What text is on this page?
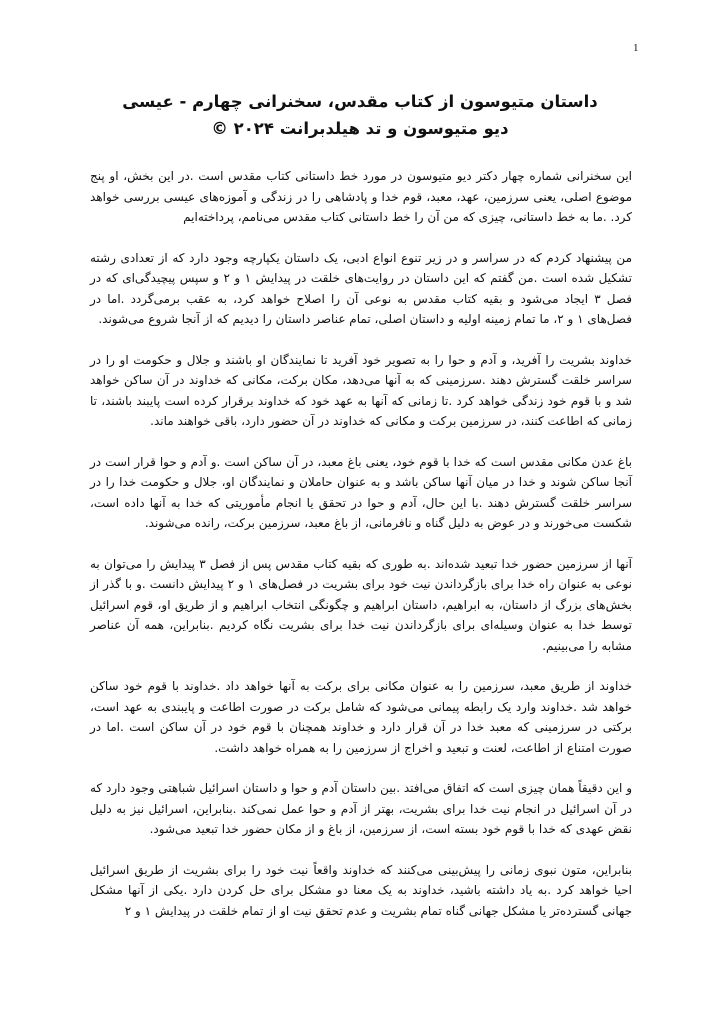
1

داستان متیوسون از کتاب مقدس، سخنرانی چهارم - عیسی

دیو متیوسون و تد هیلدبرانت ۲۰۲۴ ©

این سخنرانی شماره چهار دکتر دیو متیوسون در مورد خط داستانی کتاب مقدس است .در این بخش، او پنج موضوع اصلی، یعنی سرزمین، عهد، معبد، قوم خدا و پادشاهی را در زندگی و آموزه‌های عیسی بررسی خواهد کرد. .ما به خط داستانی، چیزی که من آن را خط داستانی کتاب مقدس می‌نامم، پرداخته‌ایم

من پیشنهاد کردم که در سراسر و در زیر تنوع انواع ادبی، یک داستان یکپارچه وجود دارد که از تعدادی رشته تشکیل شده است .من گفتم که این داستان در روایت‌های خلقت در پیدایش ۱ و ۲ و سپس پیچیدگی‌ای که در فصل ۳ ایجاد می‌شود و بقیه کتاب مقدس به نوعی آن را اصلاح خواهد کرد، به عقب برمی‌گردد .اما در فصل‌های ۱ و ۲، ما تمام زمینه اولیه و داستان اصلی، تمام عناصر داستان را دیدیم که از آنجا شروع می‌شوند.

خداوند بشریت را آفرید، و آدم و حوا را به تصویر خود آفرید تا نمایندگان او باشند و جلال و حکومت او را در سراسر خلقت گسترش دهند .سرزمینی که به آنها می‌دهد، مکان برکت، مکانی که خداوند در آن ساکن خواهد شد و با قوم خود زندگی خواهد کرد .تا زمانی که آنها به عهد خود که خداوند برقرار کرده است پایبند باشند، تا زمانی که اطاعت کنند، در سرزمین برکت و مکانی که خداوند در آن حضور دارد، باقی خواهند ماند.

باغ عدن مکانی مقدس است که خدا با قوم خود، یعنی باغ معبد، در آن ساکن است .و آدم و حوا قرار است در آنجا ساکن شوند و خدا در میان آنها ساکن باشد و به عنوان حاملان و نمایندگان او، جلال و حکومت خدا را در سراسر خلقت گسترش دهند .با این حال، آدم و حوا در تحقق یا انجام مأموریتی که خدا به آنها داده است، شکست می‌خورند و در عوض به دلیل گناه و نافرمانی، از باغ معبد، سرزمین برکت، رانده می‌شوند.

آنها از سرزمین حضور خدا تبعید شده‌اند .به طوری که بقیه کتاب مقدس پس از فصل ۳ پیدایش را می‌توان به نوعی به عنوان راه خدا برای بازگرداندن نیت خود برای بشریت در فصل‌های ۱ و ۲ پیدایش دانست .و با گذر از بخش‌های بزرگ از داستان، به ابراهیم، داستان ابراهیم و چگونگی انتخاب ابراهیم و از طریق او، قوم اسرائیل توسط خدا به عنوان وسیله‌ای برای بازگرداندن نیت خدا برای بشریت نگاه کردیم .بنابراین، همه آن عناصر مشابه را می‌بینیم.

خداوند از طریق معبد، سرزمین را به عنوان مکانی برای برکت به آنها خواهد داد .خداوند با قوم خود ساکن خواهد شد .خداوند وارد یک رابطه پیمانی می‌شود که شامل برکت در صورت اطاعت و پایبندی به عهد است، برکتی در سرزمینی که معبد خدا در آن قرار دارد و خداوند همچنان با قوم خود در آن ساکن است .اما در صورت امتناع از اطاعت، لعنت و تبعید و اخراج از سرزمین را به همراه خواهد داشت.

و این دقیقاً همان چیزی است که اتفاق می‌افتد .بین داستان آدم و حوا و داستان اسرائیل شباهتی وجود دارد که در آن اسرائیل در انجام نیت خدا برای بشریت، بهتر از آدم و حوا عمل نمی‌کند .بنابراین، اسرائیل نیز به دلیل نقض عهدی که خدا با قوم خود بسته است، از سرزمین، از باغ و از مکان حضور خدا تبعید می‌شود.

بنابراین، متون نبوی زمانی را پیش‌بینی می‌کنند که خداوند واقعاً نیت خود را برای بشریت از طریق اسرائیل احیا خواهد کرد .به یاد داشته باشید، خداوند به یک معنا دو مشکل برای حل کردن دارد .یکی از آنها مشکل جهانی گسترده‌تر یا مشکل جهانی گناه تمام بشریت و عدم تحقق نیت او از تمام خلقت در پیدایش ۱ و ۲
